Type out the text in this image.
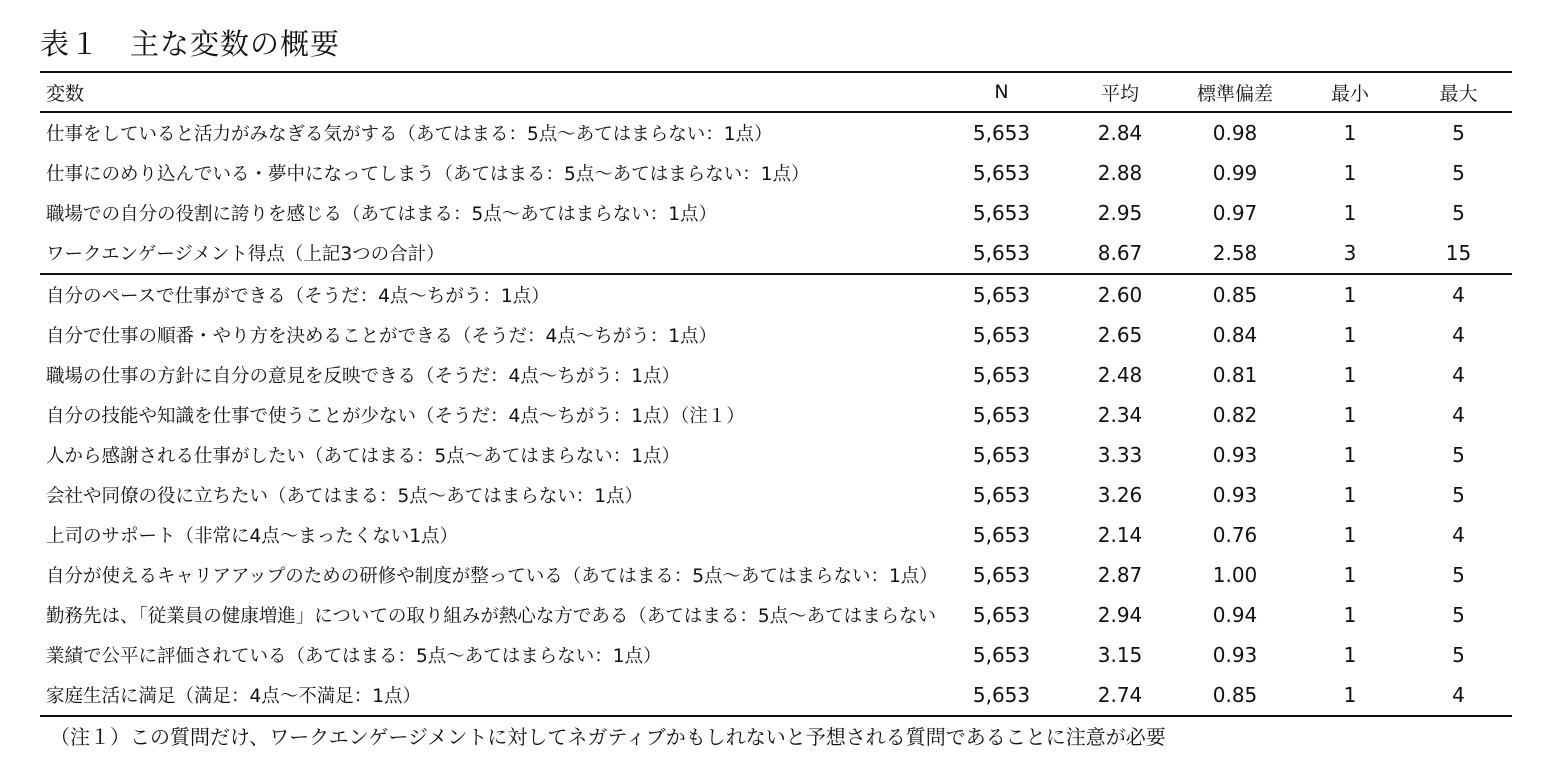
表１　主な変数の概要
変数	N	平均	標準偏差	最小	最大
仕事をしていると活力がみなぎる気がする（あてはまる：5点～あてはまらない：1点）	5,653	2.84	0.98	1	5
仕事にのめり込んでいる・夢中になってしまう（あてはまる：5点～あてはまらない：1点）	5,653	2.88	0.99	1	5
職場での自分の役割に誇りを感じる（あてはまる：5点～あてはまらない：1点）	5,653	2.95	0.97	1	5
ワークエンゲージメント得点（上記3つの合計）	5,653	8.67	2.58	3	15
自分のペースで仕事ができる（そうだ：4点～ちがう：1点）	5,653	2.60	0.85	1	4
自分で仕事の順番・やり方を決めることができる（そうだ：4点～ちがう：1点）	5,653	2.65	0.84	1	4
職場の仕事の方針に自分の意見を反映できる（そうだ：4点～ちがう：1点）	5,653	2.48	0.81	1	4
自分の技能や知識を仕事で使うことが少ない（そうだ：4点～ちがう：1点）（注１）	5,653	2.34	0.82	1	4
人から感謝される仕事がしたい（あてはまる：5点～あてはまらない：1点）	5,653	3.33	0.93	1	5
会社や同僚の役に立ちたい（あてはまる：5点～あてはまらない：1点）	5,653	3.26	0.93	1	5
上司のサポート（非常に4点～まったくない1点）	5,653	2.14	0.76	1	4
自分が使えるキャリアアップのための研修や制度が整っている（あてはまる：5点～あてはまらない：1点）	5,653	2.87	1.00	1	5
勤務先は、「従業員の健康増進」についての取り組みが熱心な方である（あてはまる：5点～あてはまらない	5,653	2.94	0.94	1	5
業績で公平に評価されている（あてはまる：5点～あてはまらない：1点）	5,653	3.15	0.93	1	5
家庭生活に満足（満足：4点～不満足：1点）	5,653	2.74	0.85	1	4
（注１）この質問だけ、ワークエンゲージメントに対してネガティブかもしれないと予想される質問であることに注意が必要
